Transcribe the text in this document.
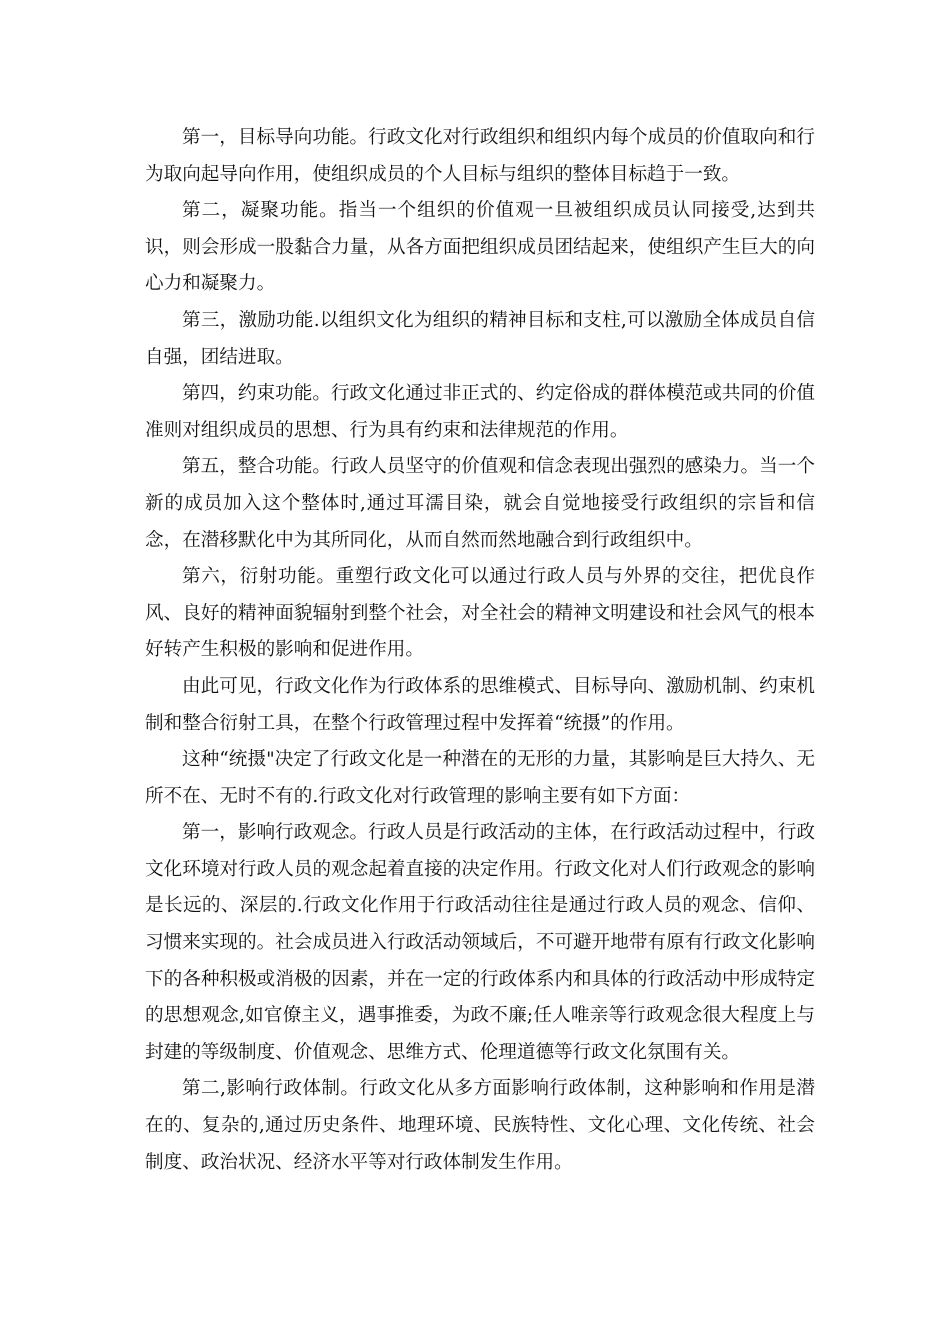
第一，目标导向功能。行政文化对行政组织和组织内每个成员的价值取向和行为取向起导向作用，使组织成员的个人目标与组织的整体目标趋于一致。

第二，凝聚功能。指当一个组织的价值观一旦被组织成员认同接受,达到共识，则会形成一股黏合力量，从各方面把组织成员团结起来，使组织产生巨大的向心力和凝聚力。

第三，激励功能.以组织文化为组织的精神目标和支柱,可以激励全体成员自信自强，团结进取。

第四，约束功能。行政文化通过非正式的、约定俗成的群体模范或共同的价值准则对组织成员的思想、行为具有约束和法律规范的作用。

第五，整合功能。行政人员坚守的价值观和信念表现出强烈的感染力。当一个新的成员加入这个整体时,通过耳濡目染，就会自觉地接受行政组织的宗旨和信念，在潜移默化中为其所同化，从而自然而然地融合到行政组织中。

第六，衍射功能。重塑行政文化可以通过行政人员与外界的交往，把优良作风、良好的精神面貌辐射到整个社会，对全社会的精神文明建设和社会风气的根本好转产生积极的影响和促进作用。

由此可见，行政文化作为行政体系的思维模式、目标导向、激励机制、约束机制和整合衍射工具，在整个行政管理过程中发挥着“统摄”的作用。

这种“统摄"决定了行政文化是一种潜在的无形的力量，其影响是巨大持久、无所不在、无时不有的.行政文化对行政管理的影响主要有如下方面：

第一，影响行政观念。行政人员是行政活动的主体，在行政活动过程中，行政文化环境对行政人员的观念起着直接的决定作用。行政文化对人们行政观念的影响是长远的、深层的.行政文化作用于行政活动往往是通过行政人员的观念、信仰、习惯来实现的。社会成员进入行政活动领域后，不可避开地带有原有行政文化影响下的各种积极或消极的因素，并在一定的行政体系内和具体的行政活动中形成特定的思想观念,如官僚主义，遇事推委，为政不廉;任人唯亲等行政观念很大程度上与封建的等级制度、价值观念、思维方式、伦理道德等行政文化氛围有关。

第二,影响行政体制。行政文化从多方面影响行政体制，这种影响和作用是潜在的、复杂的,通过历史条件、地理环境、民族特性、文化心理、文化传统、社会制度、政治状况、经济水平等对行政体制发生作用。
